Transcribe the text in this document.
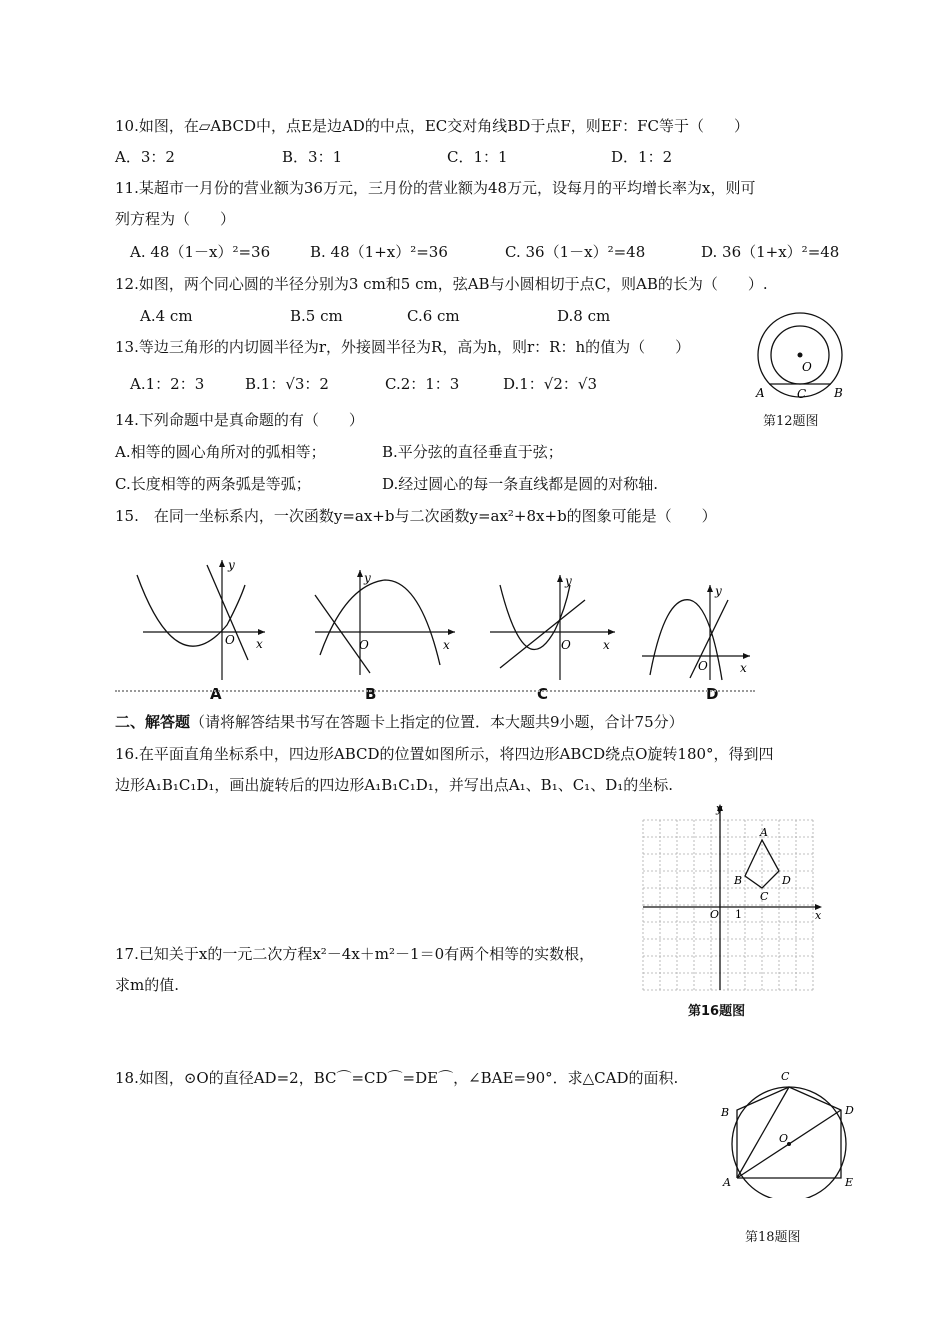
10.如图，在▱ABCD中，点E是边AD的中点，EC交对角线BD于点F，则EF：FC等于（　　）
A．3：2	B．3：1	C．1：1	D．1：2
11.某超市一月份的营业额为36万元，三月份的营业额为48万元，设每月的平均增长率为x，则可
列方程为（　　）
A. 48（1－x）²=36	B. 48（1+x）²=36	C. 36（1－x）²=48	D. 36（1+x）²=48
12.如图，两个同心圆的半径分别为3 cm和5 cm，弦AB与小圆相切于点C，则AB的长为（　　）.
A.4 cm	B.5 cm	C.6 cm	D.8 cm
O
A	C B
第12题图
13.等边三角形的内切圆半径为r，外接圆半径为R，高为h，则r：R：h的值为（　　）
A.1：2：3	B.1：√3：2	C.2：1：3	D.1：√2：√3
14.下列命题中是真命题的有（　　）
A.相等的圆心角所对的弧相等；	B.平分弦的直径垂直于弦；
C.长度相等的两条弧是等弧；	D.经过圆心的每一条直线都是圆的对称轴.
15.　在同一坐标系内，一次函数y=ax+b与二次函数y=ax²+8x+b的图象可能是（　　）
y
x
O
A
y
x
O
B
y
x
O
C
y
x
O
D
二、解答题（请将解答结果书写在答题卡上指定的位置．本大题共9小题，合计75分）
16.在平面直角坐标系中，四边形ABCD的位置如图所示，将四边形ABCD绕点O旋转180°，得到四
边形A₁B₁C₁D₁，画出旋转后的四边形A₁B₁C₁D₁，并写出点A₁、B₁、C₁、D₁的坐标.
y
x
O 1
A
B
C
D
第16题图
17.已知关于x的一元二次方程x²－4x＋m²－1＝0有两个相等的实数根，
求m的值.
18.如图，⊙O的直径AD=2，BC⌒=CD⌒=DE⌒，∠BAE=90°．求△CAD的面积.	C
B	D
A	E
O
第18题图
